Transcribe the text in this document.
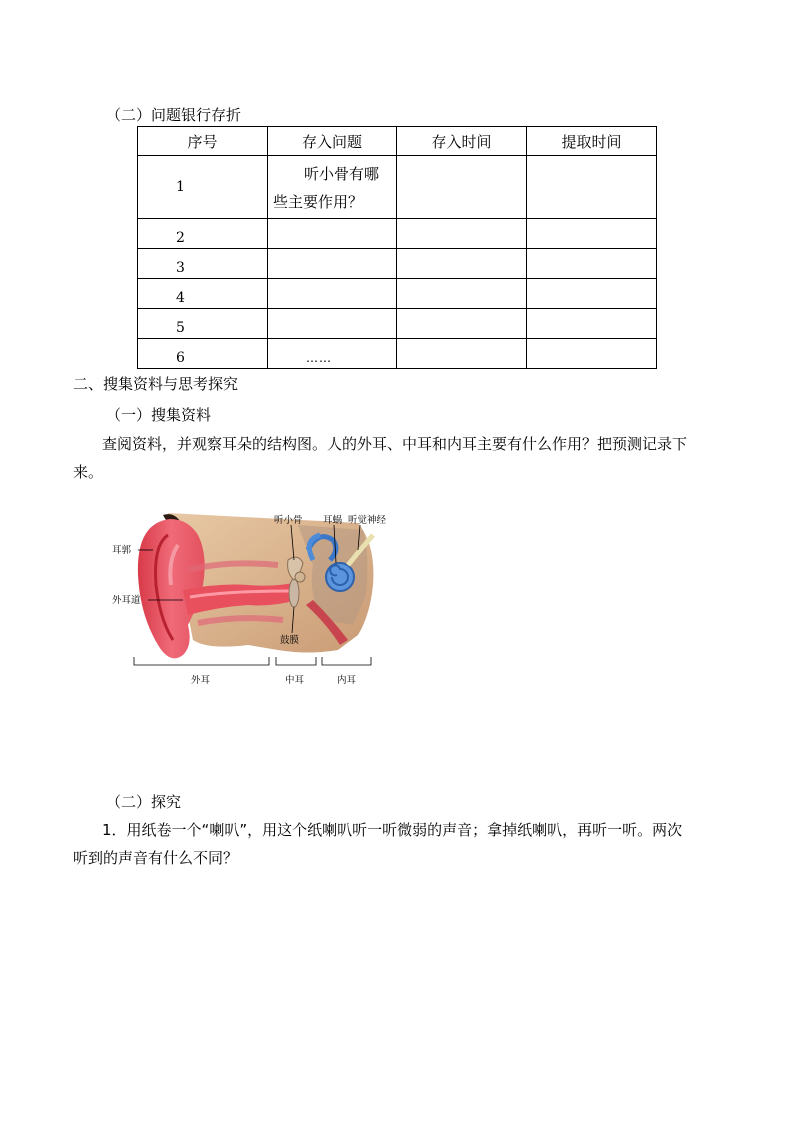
（二）问题银行存折
序号	存入问题	存入时间	提取时间
1	听小骨有哪
些主要作用？		
2			
3			
4			
5			
6	……		
二、搜集资料与思考探究
（一）搜集资料
查阅资料，并观察耳朵的结构图。人的外耳、中耳和内耳主要有什么作用？把预测记录下
来。
耳郭
外耳道
听小骨 耳蜗 听觉神经
鼓膜
外耳	中耳	内耳
（二）探究
1．用纸卷一个“喇叭”，用这个纸喇叭听一听微弱的声音；拿掉纸喇叭，再听一听。两次
听到的声音有什么不同？
